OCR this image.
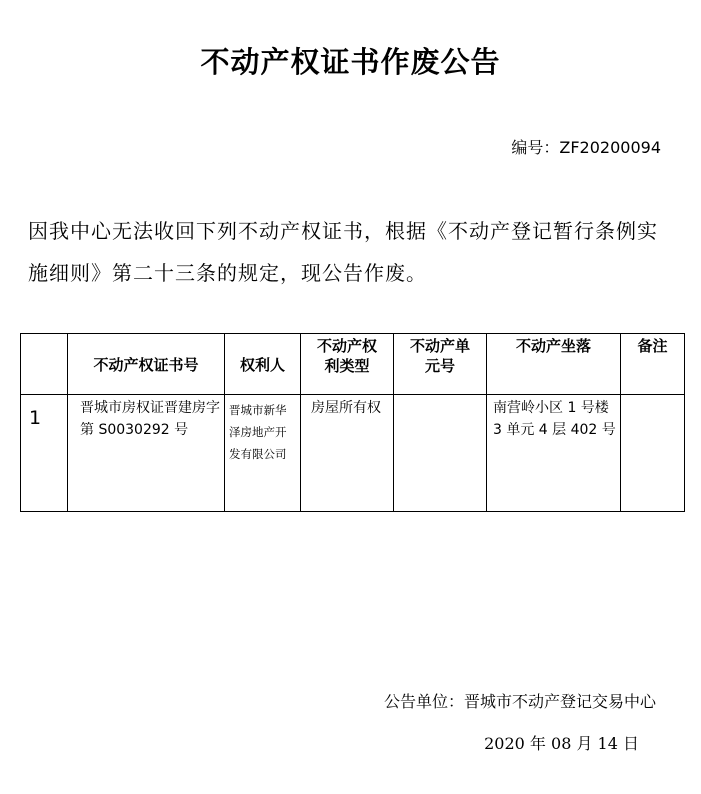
不动产权证书作废公告
编号：ZF20200094
因我中心无法收回下列不动产权证书，根据《不动产登记暂行条例实施细则》第二十三条的规定，现公告作废。

不动产权证书号	权利人	不动产权利类型	不动产单元号	不动产坐落	备注

1	晋城市房权证晋建房字第 S0030292 号	晋城市新华泽房地产开发有限公司	房屋所有权		南营岭小区 1 号楼 3 单元 4 层 402 号	

公告单位：晋城市不动产登记交易中心
2020 年 08 月 14 日
